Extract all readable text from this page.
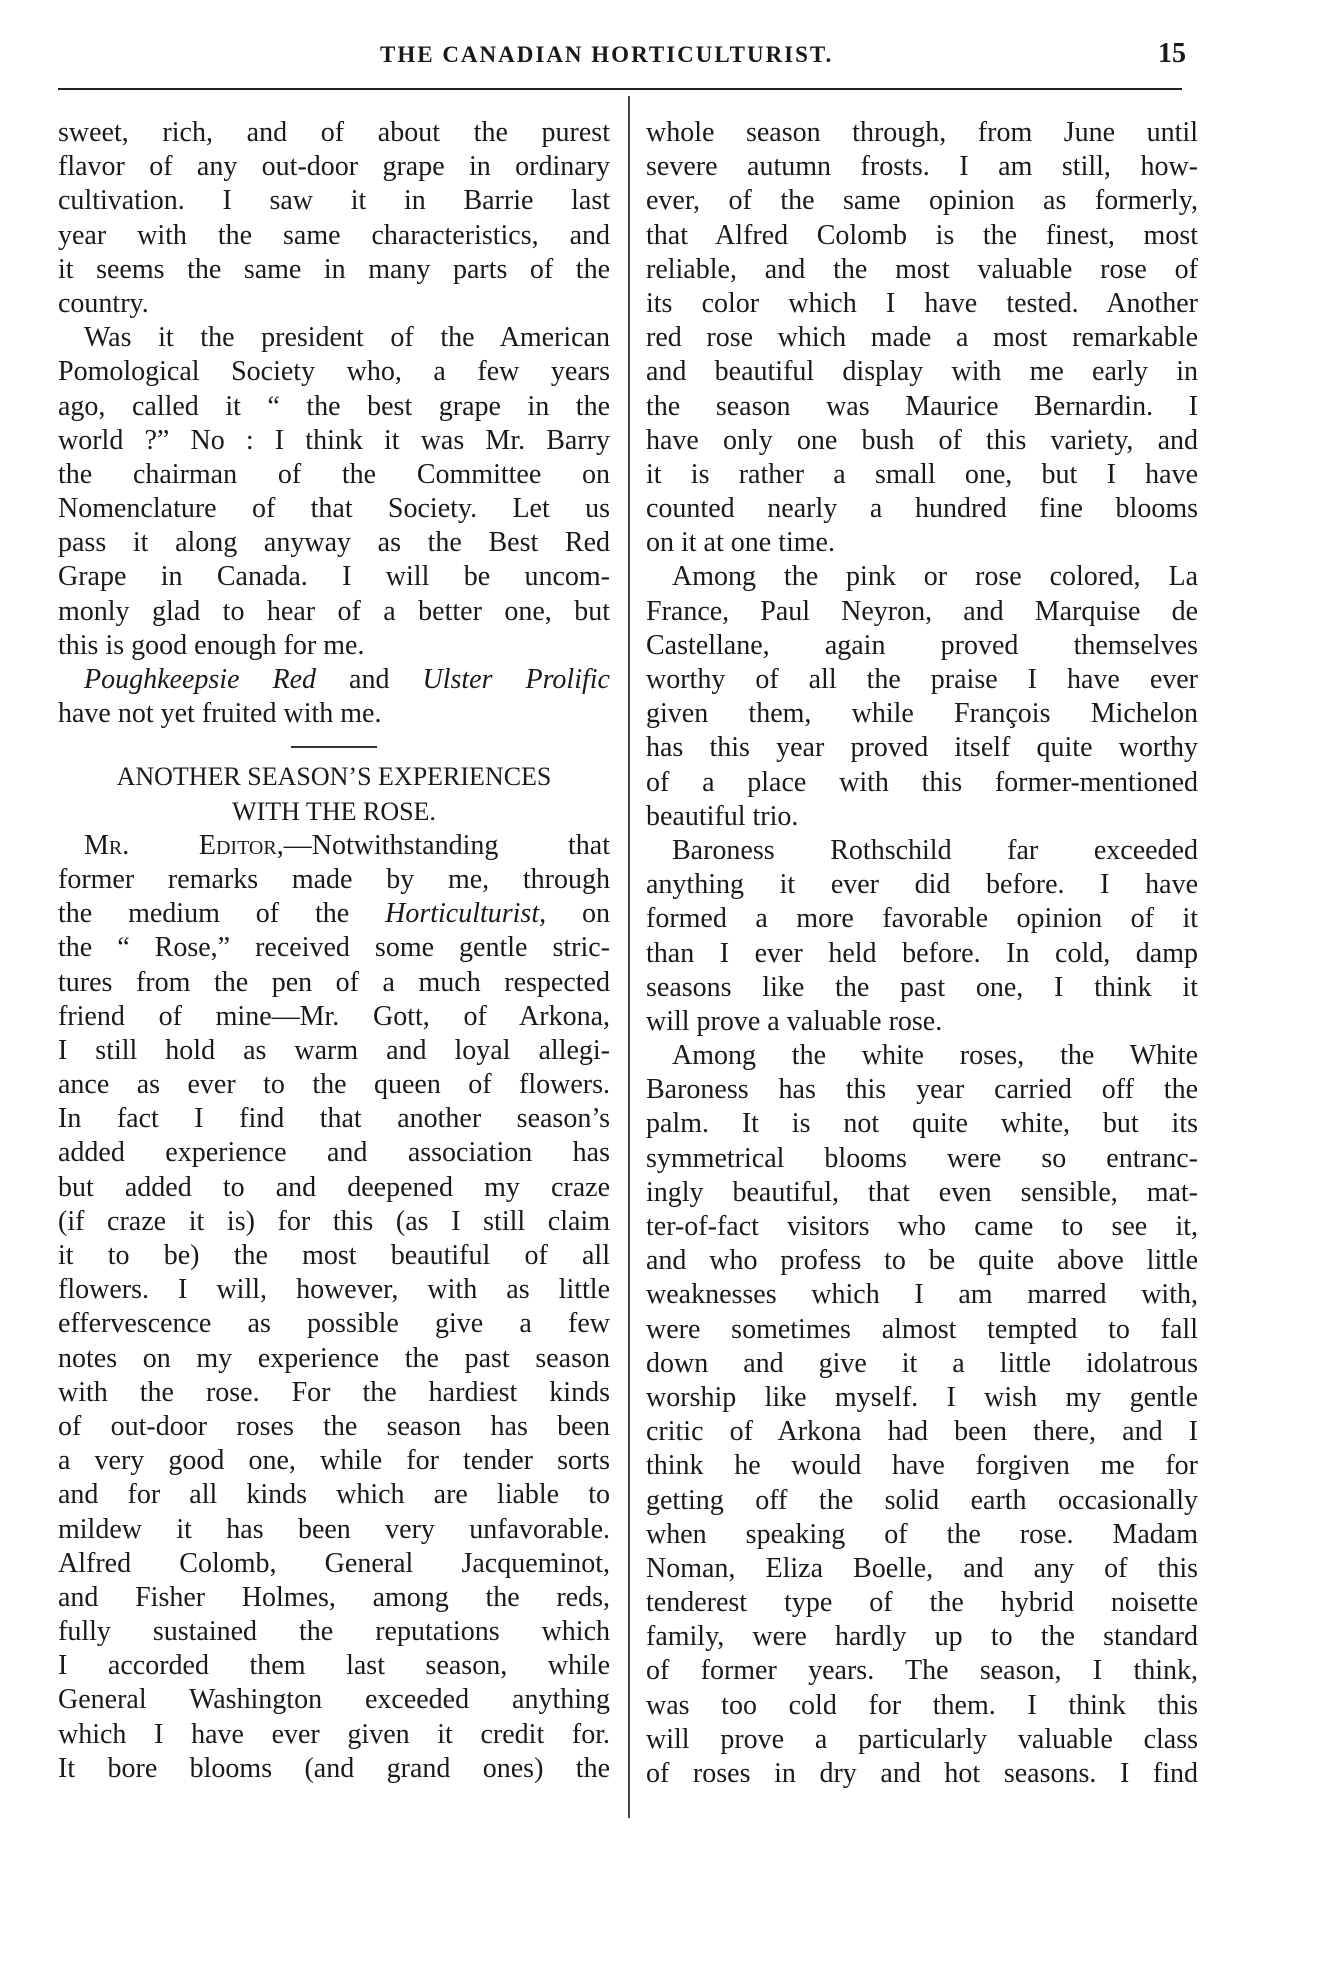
THE CANADIAN HORTICULTURIST.	15
sweet, rich, and of about the purest
flavor of any out-door grape in ordinary
cultivation. I saw it in Barrie last
year with the same characteristics, and
it seems the same in many parts of the
country.
Was it the president of the American
Pomological Society who, a few years
ago, called it “ the best grape in the
world ?” No : I think it was Mr. Barry
the chairman of the Committee on
Nomenclature of that Society. Let us
pass it along anyway as the Best Red
Grape in Canada. I will be uncom-
monly glad to hear of a better one, but
this is good enough for me.
Poughkeepsie Red and Ulster Prolific
have not yet fruited with me.
ANOTHER SEASON’S EXPERIENCES
WITH THE ROSE.
Mr. Editor,—Notwithstanding that
former remarks made by me, through
the medium of the Horticulturist, on
the “ Rose,” received some gentle stric-
tures from the pen of a much respected
friend of mine—Mr. Gott, of Arkona,
I still hold as warm and loyal allegi-
ance as ever to the queen of flowers.
In fact I find that another season’s
added experience and association has
but added to and deepened my craze
(if craze it is) for this (as I still claim
it to be) the most beautiful of all
flowers. I will, however, with as little
effervescence as possible give a few
notes on my experience the past season
with the rose. For the hardiest kinds
of out-door roses the season has been
a very good one, while for tender sorts
and for all kinds which are liable to
mildew it has been very unfavorable.
Alfred Colomb, General Jacqueminot,
and Fisher Holmes, among the reds,
fully sustained the reputations which
I accorded them last season, while
General Washington exceeded anything
which I have ever given it credit for.
It bore blooms (and grand ones) the
whole season through, from June until
severe autumn frosts. I am still, how-
ever, of the same opinion as formerly,
that Alfred Colomb is the finest, most
reliable, and the most valuable rose of
its color which I have tested. Another
red rose which made a most remarkable
and beautiful display with me early in
the season was Maurice Bernardin. I
have only one bush of this variety, and
it is rather a small one, but I have
counted nearly a hundred fine blooms
on it at one time.
Among the pink or rose colored, La
France, Paul Neyron, and Marquise de
Castellane, again proved themselves
worthy of all the praise I have ever
given them, while François Michelon
has this year proved itself quite worthy
of a place with this former-mentioned
beautiful trio.
Baroness Rothschild far exceeded
anything it ever did before. I have
formed a more favorable opinion of it
than I ever held before. In cold, damp
seasons like the past one, I think it
will prove a valuable rose.
Among the white roses, the White
Baroness has this year carried off the
palm. It is not quite white, but its
symmetrical blooms were so entranc-
ingly beautiful, that even sensible, mat-
ter-of-fact visitors who came to see it,
and who profess to be quite above little
weaknesses which I am marred with,
were sometimes almost tempted to fall
down and give it a little idolatrous
worship like myself. I wish my gentle
critic of Arkona had been there, and I
think he would have forgiven me for
getting off the solid earth occasionally
when speaking of the rose. Madam
Noman, Eliza Boelle, and any of this
tenderest type of the hybrid noisette
family, were hardly up to the standard
of former years. The season, I think,
was too cold for them. I think this
will prove a particularly valuable class
of roses in dry and hot seasons. I find
